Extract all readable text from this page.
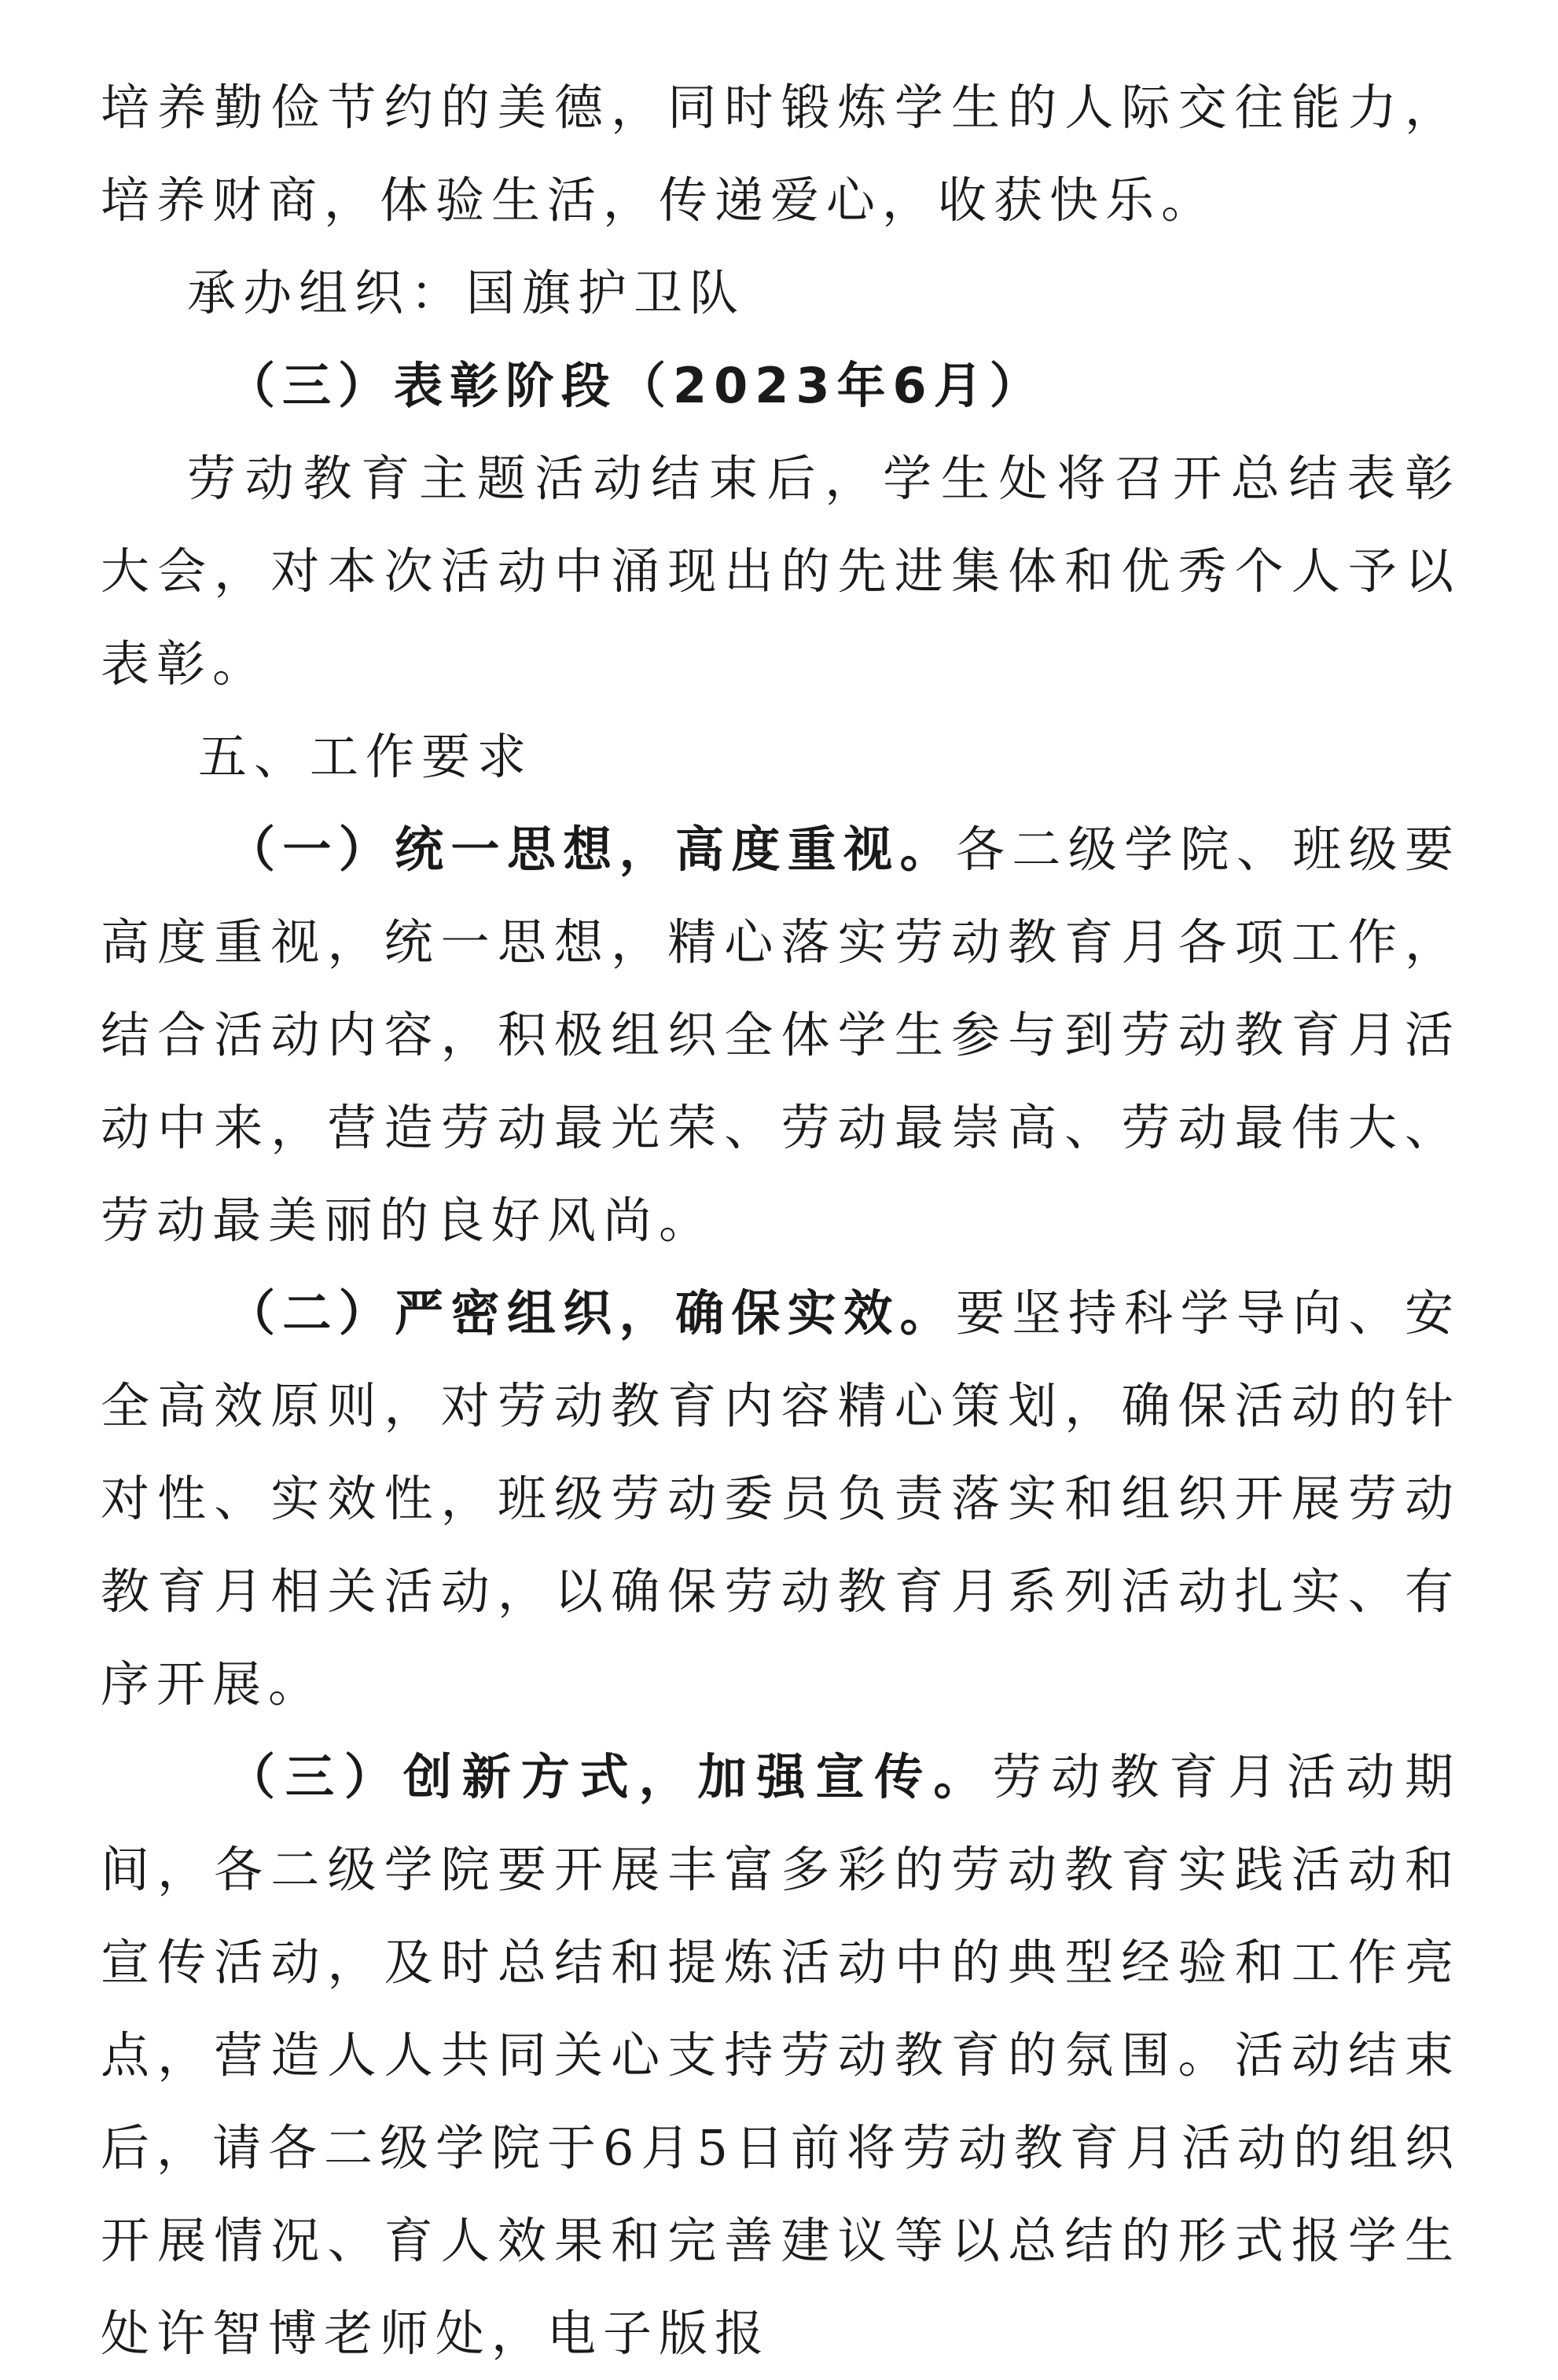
培养勤俭节约的美德，同时锻炼学生的人际交往能力，培养财商，体验生活，传递爱心，收获快乐。

承办组织：国旗护卫队

（三）表彰阶段（2023年6月）

劳动教育主题活动结束后，学生处将召开总结表彰大会，对本次活动中涌现出的先进集体和优秀个人予以表彰。

五、工作要求

（一）统一思想，高度重视。各二级学院、班级要高度重视，统一思想，精心落实劳动教育月各项工作，结合活动内容，积极组织全体学生参与到劳动教育月活动中来，营造劳动最光荣、劳动最崇高、劳动最伟大、劳动最美丽的良好风尚。

（二）严密组织，确保实效。要坚持科学导向、安全高效原则，对劳动教育内容精心策划，确保活动的针对性、实效性，班级劳动委员负责落实和组织开展劳动教育月相关活动，以确保劳动教育月系列活动扎实、有序开展。

（三）创新方式，加强宣传。劳动教育月活动期间，各二级学院要开展丰富多彩的劳动教育实践活动和宣传活动，及时总结和提炼活动中的典型经验和工作亮点，营造人人共同关心支持劳动教育的氛围。活动结束后，请各二级学院于6月5日前将劳动教育月活动的组织开展情况、育人效果和完善建议等以总结的形式报学生处许智博老师处，电子版报
